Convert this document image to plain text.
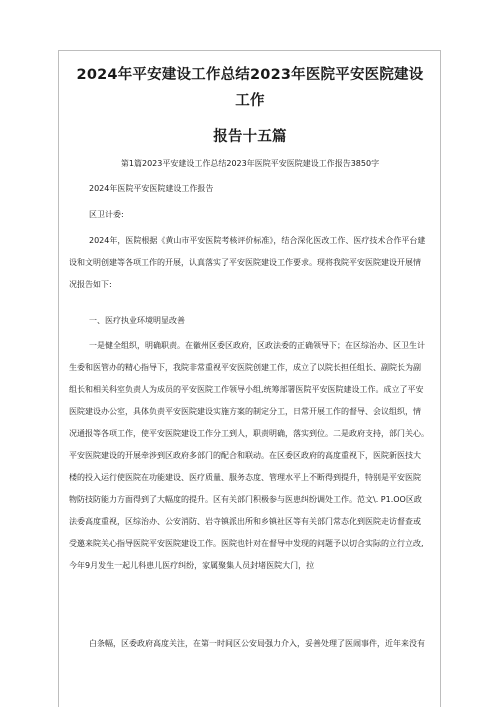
2024年平安建设工作总结2023年医院平安医院建设工作
报告十五篇
第1篇2023平安建设工作总结2023年医院平安医院建设工作报告3850字
2024年医院平安医院建设工作报告
区卫计委:
2024年，医院根据《黄山市平安医院考核评价标准》，结合深化医改工作、医疗技术合作平台建
设和文明创建等各项工作的开展，认真落实了平安医院建设工作要求。现将我院平安医院建设开展情
况报告如下:
一、医疗执业环境明显改善
一是健全组织，明确职责。在徽州区委区政府，区政法委的正确领导下；在区综治办、区卫生计
生委和医管办的精心指导下，我院非常重视平安医院创建工作，成立了以院长担任组长、副院长为副
组长和相关科室负责人为成员的平安医院工作领导小组,统筹部署医院平安医院建设工作。成立了平安
医院建设办公室，具体负责平安医院建设实施方案的制定分工，日常开展工作的督导、会议组织，情
况通报等各项工作，使平安医院建设工作分工到人，职责明确，落实到位。二是政府支持，部门关心。
平安医院建设的开展牵涉到区政府多部门的配合和联动。在区委区政府的高度重视下，医院新医技大
楼的投入运行使医院在功能建设、医疗质量、服务态度、管理水平上不断得到提升，特别是平安医院
物防技防能力方面得到了大幅度的提升。区有关部门积极参与医患纠纷调处工作。范文\. P1.OO区政
法委高度重视，区综治办、公安消防、岩寺镇派出所和乡镇社区等有关部门常态化到医院走访督查或
受邀来院关心指导医院平安医院建设工作。医院也针对在督导中发现的问题予以切合实际的立行立改,
今年9月发生一起儿科患儿医疗纠纷，家属聚集人员封堵医院大门，拉
白条幅，区委政府高度关注，在第一时间区公安局强力介入，妥善处理了医闹事件，近年来没有
